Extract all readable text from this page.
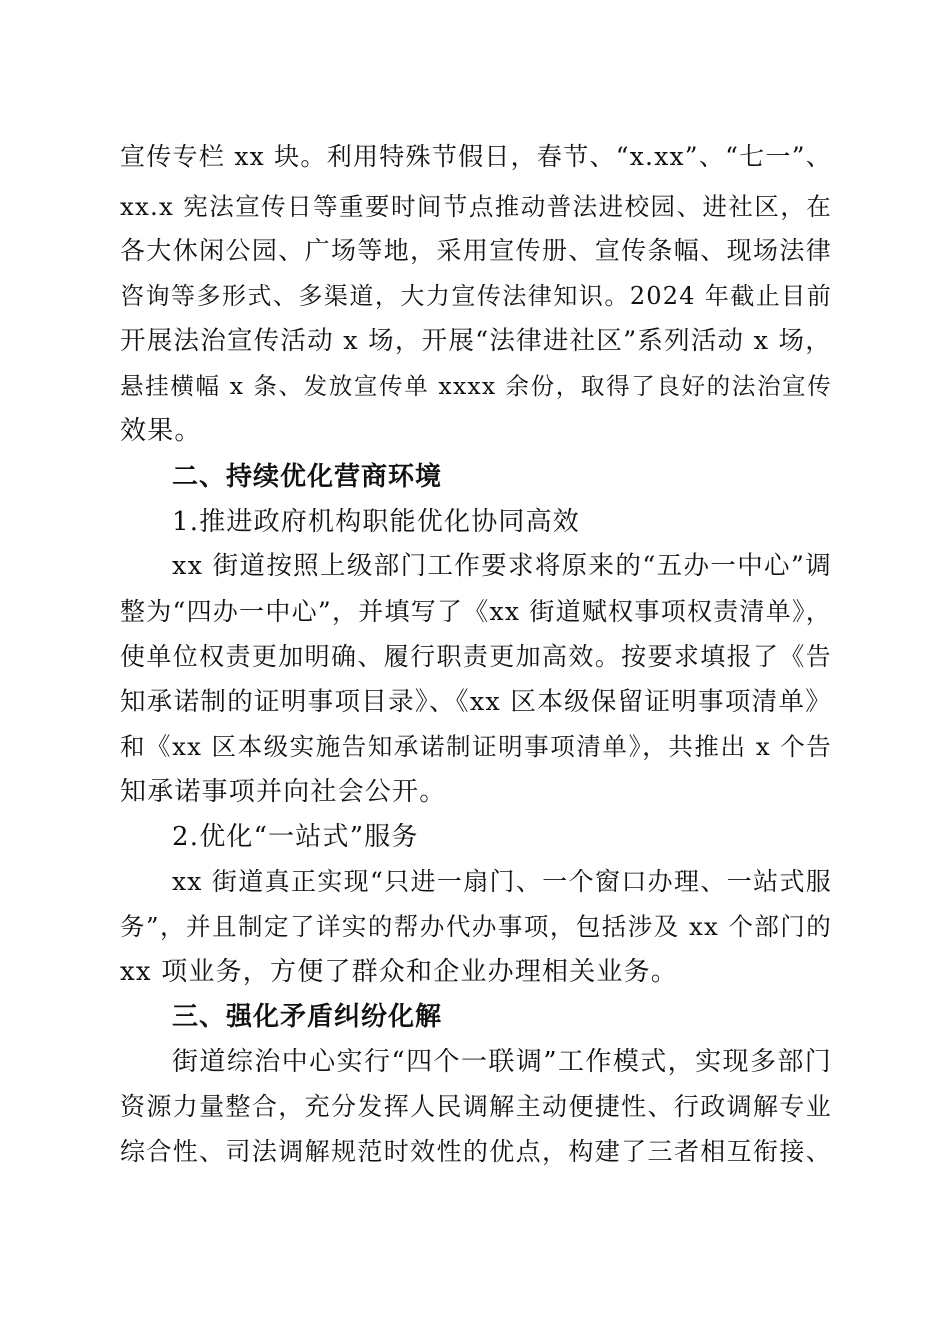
宣传专栏 xx 块。利用特殊节假日，春节、“x.xx”、“七一”、
xx.x 宪法宣传日等重要时间节点推动普法进校园、进社区，在
各大休闲公园、广场等地，采用宣传册、宣传条幅、现场法律
咨询等多形式、多渠道，大力宣传法律知识。2024 年截止目前
开展法治宣传活动 x 场，开展“法律进社区”系列活动 x 场，
悬挂横幅 x 条、发放宣传单 xxxx 余份，取得了良好的法治宣传
效果。
二、持续优化营商环境
1.推进政府机构职能优化协同高效
xx 街道按照上级部门工作要求将原来的“五办一中心”调
整为“四办一中心”，并填写了《xx 街道赋权事项权责清单》，
使单位权责更加明确、履行职责更加高效。按要求填报了《告
知承诺制的证明事项目录》、《xx 区本级保留证明事项清单》
和《xx 区本级实施告知承诺制证明事项清单》，共推出 x 个告
知承诺事项并向社会公开。
2.优化“一站式”服务
xx 街道真正实现“只进一扇门、一个窗口办理、一站式服
务”，并且制定了详实的帮办代办事项，包括涉及 xx 个部门的
xx 项业务，方便了群众和企业办理相关业务。
三、强化矛盾纠纷化解
街道综治中心实行“四个一联调”工作模式，实现多部门
资源力量整合，充分发挥人民调解主动便捷性、行政调解专业
综合性、司法调解规范时效性的优点，构建了三者相互衔接、
